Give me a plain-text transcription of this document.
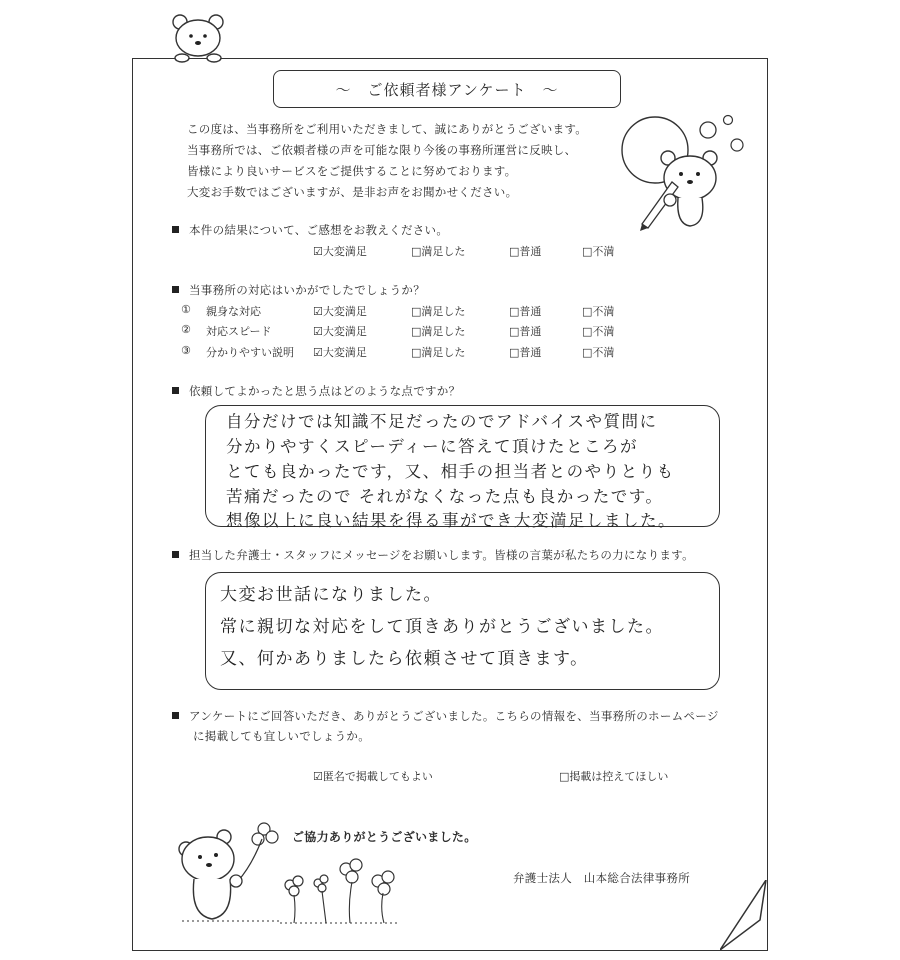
～　ご依頼者様アンケート　～
この度は、当事務所をご利用いただきまして、誠にありがとうございます。
当事務所では、ご依頼者様の声を可能な限り今後の事務所運営に反映し、
皆様により良いサービスをご提供することに努めております。
大変お手数ではございますが、是非お声をお聞かせください。
本件の結果について、ご感想をお教えください。
☑大変満足	□満足した	□普通	□不満
当事務所の対応はいかがでしたでしょうか？
① 親身な対応	☑大変満足	□満足した	□普通	□不満
② 対応スピード	☑大変満足	□満足した	□普通	□不満
③ 分かりやすい説明 ☑大変満足	□満足した	□普通	□不満
依頼してよかったと思う点はどのような点ですか？
自分だけでは知識不足だったのでアドバイスや質問に
分かりやすくスピーディーに答えて頂けたところが
とても良かったです，又、相手の担当者とのやりとりも
苦痛だったので それがなくなった点も良かったです。
想像以上に良い結果を得る事ができ大変満足しました。
担当した弁護士・スタッフにメッセージをお願いします。皆様の言葉が私たちの力になります。
大変お世話になりました。
常に親切な対応をして頂きありがとうございました。
又、何かありましたら依頼させて頂きます。
アンケートにご回答いただき、ありがとうございました。こちらの情報を、当事務所のホームページ
に掲載しても宜しいでしょうか。
☑匿名で掲載してもよい	□掲載は控えてほしい
ご協力ありがとうございました。
弁護士法人　山本総合法律事務所
